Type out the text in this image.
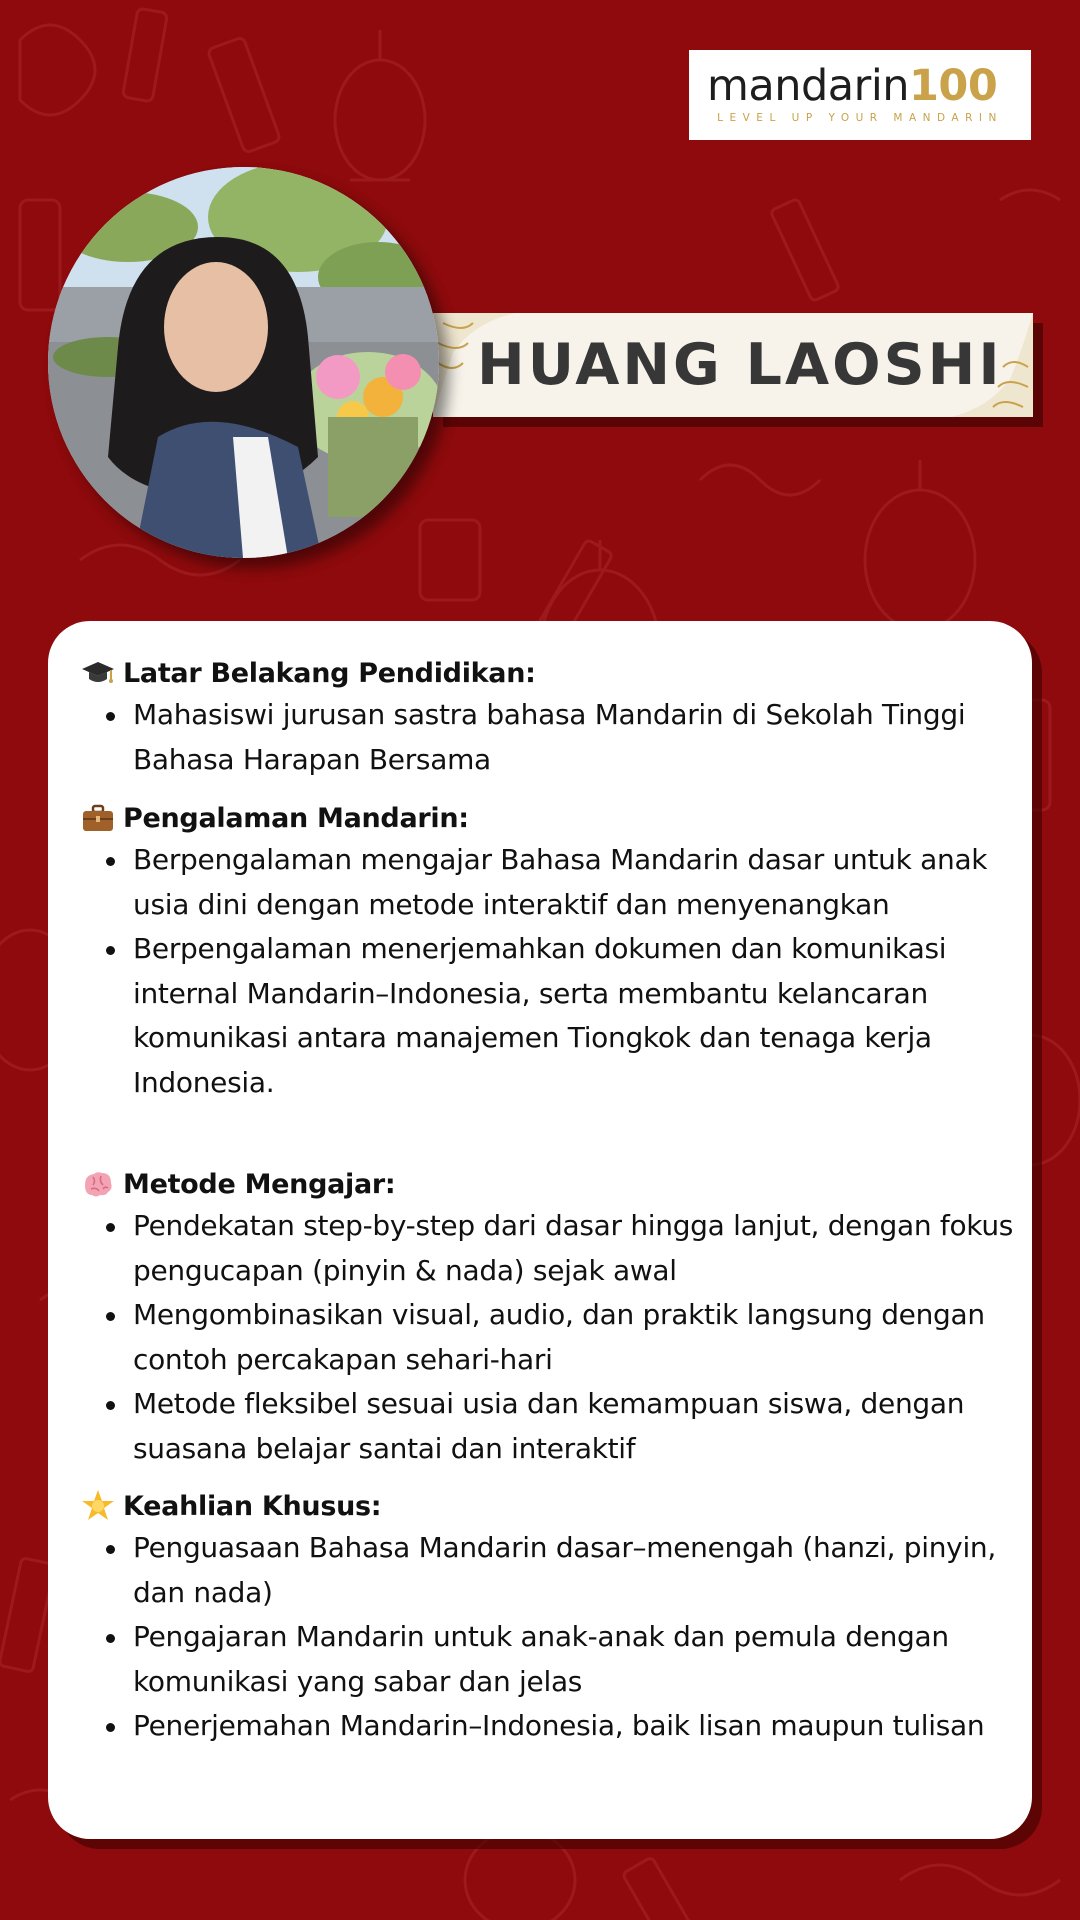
mandarin100
LEVEL UP YOUR MANDARIN
HUANG LAOSHI
Latar Belakang Pendidikan:
Mahasiswi jurusan sastra bahasa Mandarin di Sekolah Tinggi Bahasa Harapan Bersama
Pengalaman Mandarin:
Berpengalaman mengajar Bahasa Mandarin dasar untuk anak usia dini dengan metode interaktif dan menyenangkan
Berpengalaman menerjemahkan dokumen dan komunikasi internal Mandarin–Indonesia, serta membantu kelancaran komunikasi antara manajemen Tiongkok dan tenaga kerja Indonesia.
Metode Mengajar:
Pendekatan step-by-step dari dasar hingga lanjut, dengan fokus pengucapan (pinyin & nada) sejak awal
Mengombinasikan visual, audio, dan praktik langsung dengan contoh percakapan sehari-hari
Metode fleksibel sesuai usia dan kemampuan siswa, dengan suasana belajar santai dan interaktif
Keahlian Khusus:
Penguasaan Bahasa Mandarin dasar–menengah (hanzi, pinyin, dan nada)
Pengajaran Mandarin untuk anak-anak dan pemula dengan komunikasi yang sabar dan jelas
Penerjemahan Mandarin–Indonesia, baik lisan maupun tulisan
